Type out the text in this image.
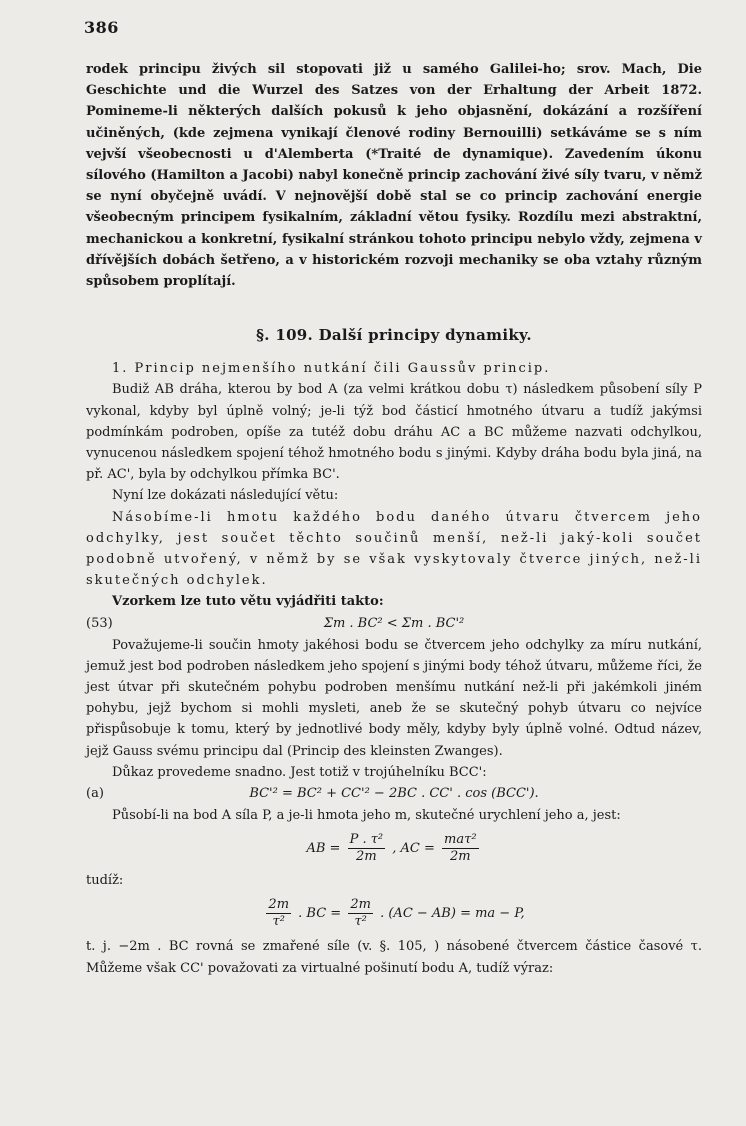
386

rodek principu živých sil stopovati již u samého Galilei-ho; srov. Mach, Die Geschichte und die Wurzel des Satzes von der Erhaltung der Arbeit 1872. Pomineme-li některých dalších pokusů k jeho objasnění, dokázání a rozšíření učiněných, (kde zejmena vynikají členové rodiny Bernouilli) setkáváme se s ním vejvší všeobecnosti u d'Alemberta (*Traité de dynamique). Zavedením úkonu sílového (Hamilton a Jacobi) nabyl konečně princip zachování živé síly tvaru, v němž se nyní obyčejně uvádí. V nejnovější době stal se co princip zachování energie všeobecným principem fysikalním, základní větou fysiky. Rozdílu mezi abstraktní, mechanickou a konkretní, fysikalní stránkou tohoto principu nebylo vždy, zejmena v dřívějších dobách šetřeno, a v historickém rozvoji mechaniky se oba vztahy různým spůsobem proplítají.

§. 109. Další principy dynamiky.

1. Princip nejmenšího nutkání čili Gaussův princip.

Budiž AB dráha, kterou by bod A (za velmi krátkou dobu τ) následkem působení síly P vykonal, kdyby byl úplně volný; je-li týž bod částicí hmotného útvaru a tudíž jakýmsi podmínkám podroben, opíše za tutéž dobu dráhu AC a BC můžeme nazvati odchylkou, vynucenou následkem spojení téhož hmotného bodu s jinými. Kdyby dráha bodu byla jiná, na př. AC', byla by odchylkou přímka BC'.

Nyní lze dokázati následující větu:

Násobíme-li hmotu každého bodu daného útvaru čtvercem jeho odchylky, jest součet těchto součinů menší, než-li jaký-koli součet podobně utvořený, v němž by se však vyskytovaly čtverce jiných, než-li skutečných odchylek.

Vzorkem lze tuto větu vyjádřiti takto:

(53)	Σm . BC² < Σm . BC'²

Považujeme-li součin hmoty jakéhosi bodu se čtvercem jeho odchylky za míru nutkání, jemuž jest bod podroben následkem jeho spojení s jinými body téhož útvaru, můžeme říci, že jest útvar při skutečném pohybu podroben menšímu nutkání než-li při jakémkoli jiném pohybu, jejž bychom si mohli mysleti, aneb že se skutečný pohyb útvaru co nejvíce přispůsobuje k tomu, který by jednotlivé body měly, kdyby byly úplně volné. Odtud název, jejž Gauss svému principu dal (Princip des kleinsten Zwanges).

Důkaz provedeme snadno. Jest totiž v trojúhelníku BCC':

(a)	BC'² = BC² + CC'² − 2BC . CC' . cos (BCC').

Působí-li na bod A síla P, a je-li hmota jeho m, skutečné urychlení jeho a, jest:

AB = $\frac{\text{P . τ²}}{2m}$ , AC = $\frac{\text{maτ²}}{2m}$
tudíž:
$\frac{2m}{\text{τ²}}$ . BC = $\frac{2m}{\text{τ²}}$ . (AC − AB) = ma − P,

t. j. −2m . BC rovná se zmařené síle (v. §. 105, ) násobené čtvercem částice časové τ. Můžeme však CC' považovati za virtualné pošinutí bodu A, tudíž výraz:
